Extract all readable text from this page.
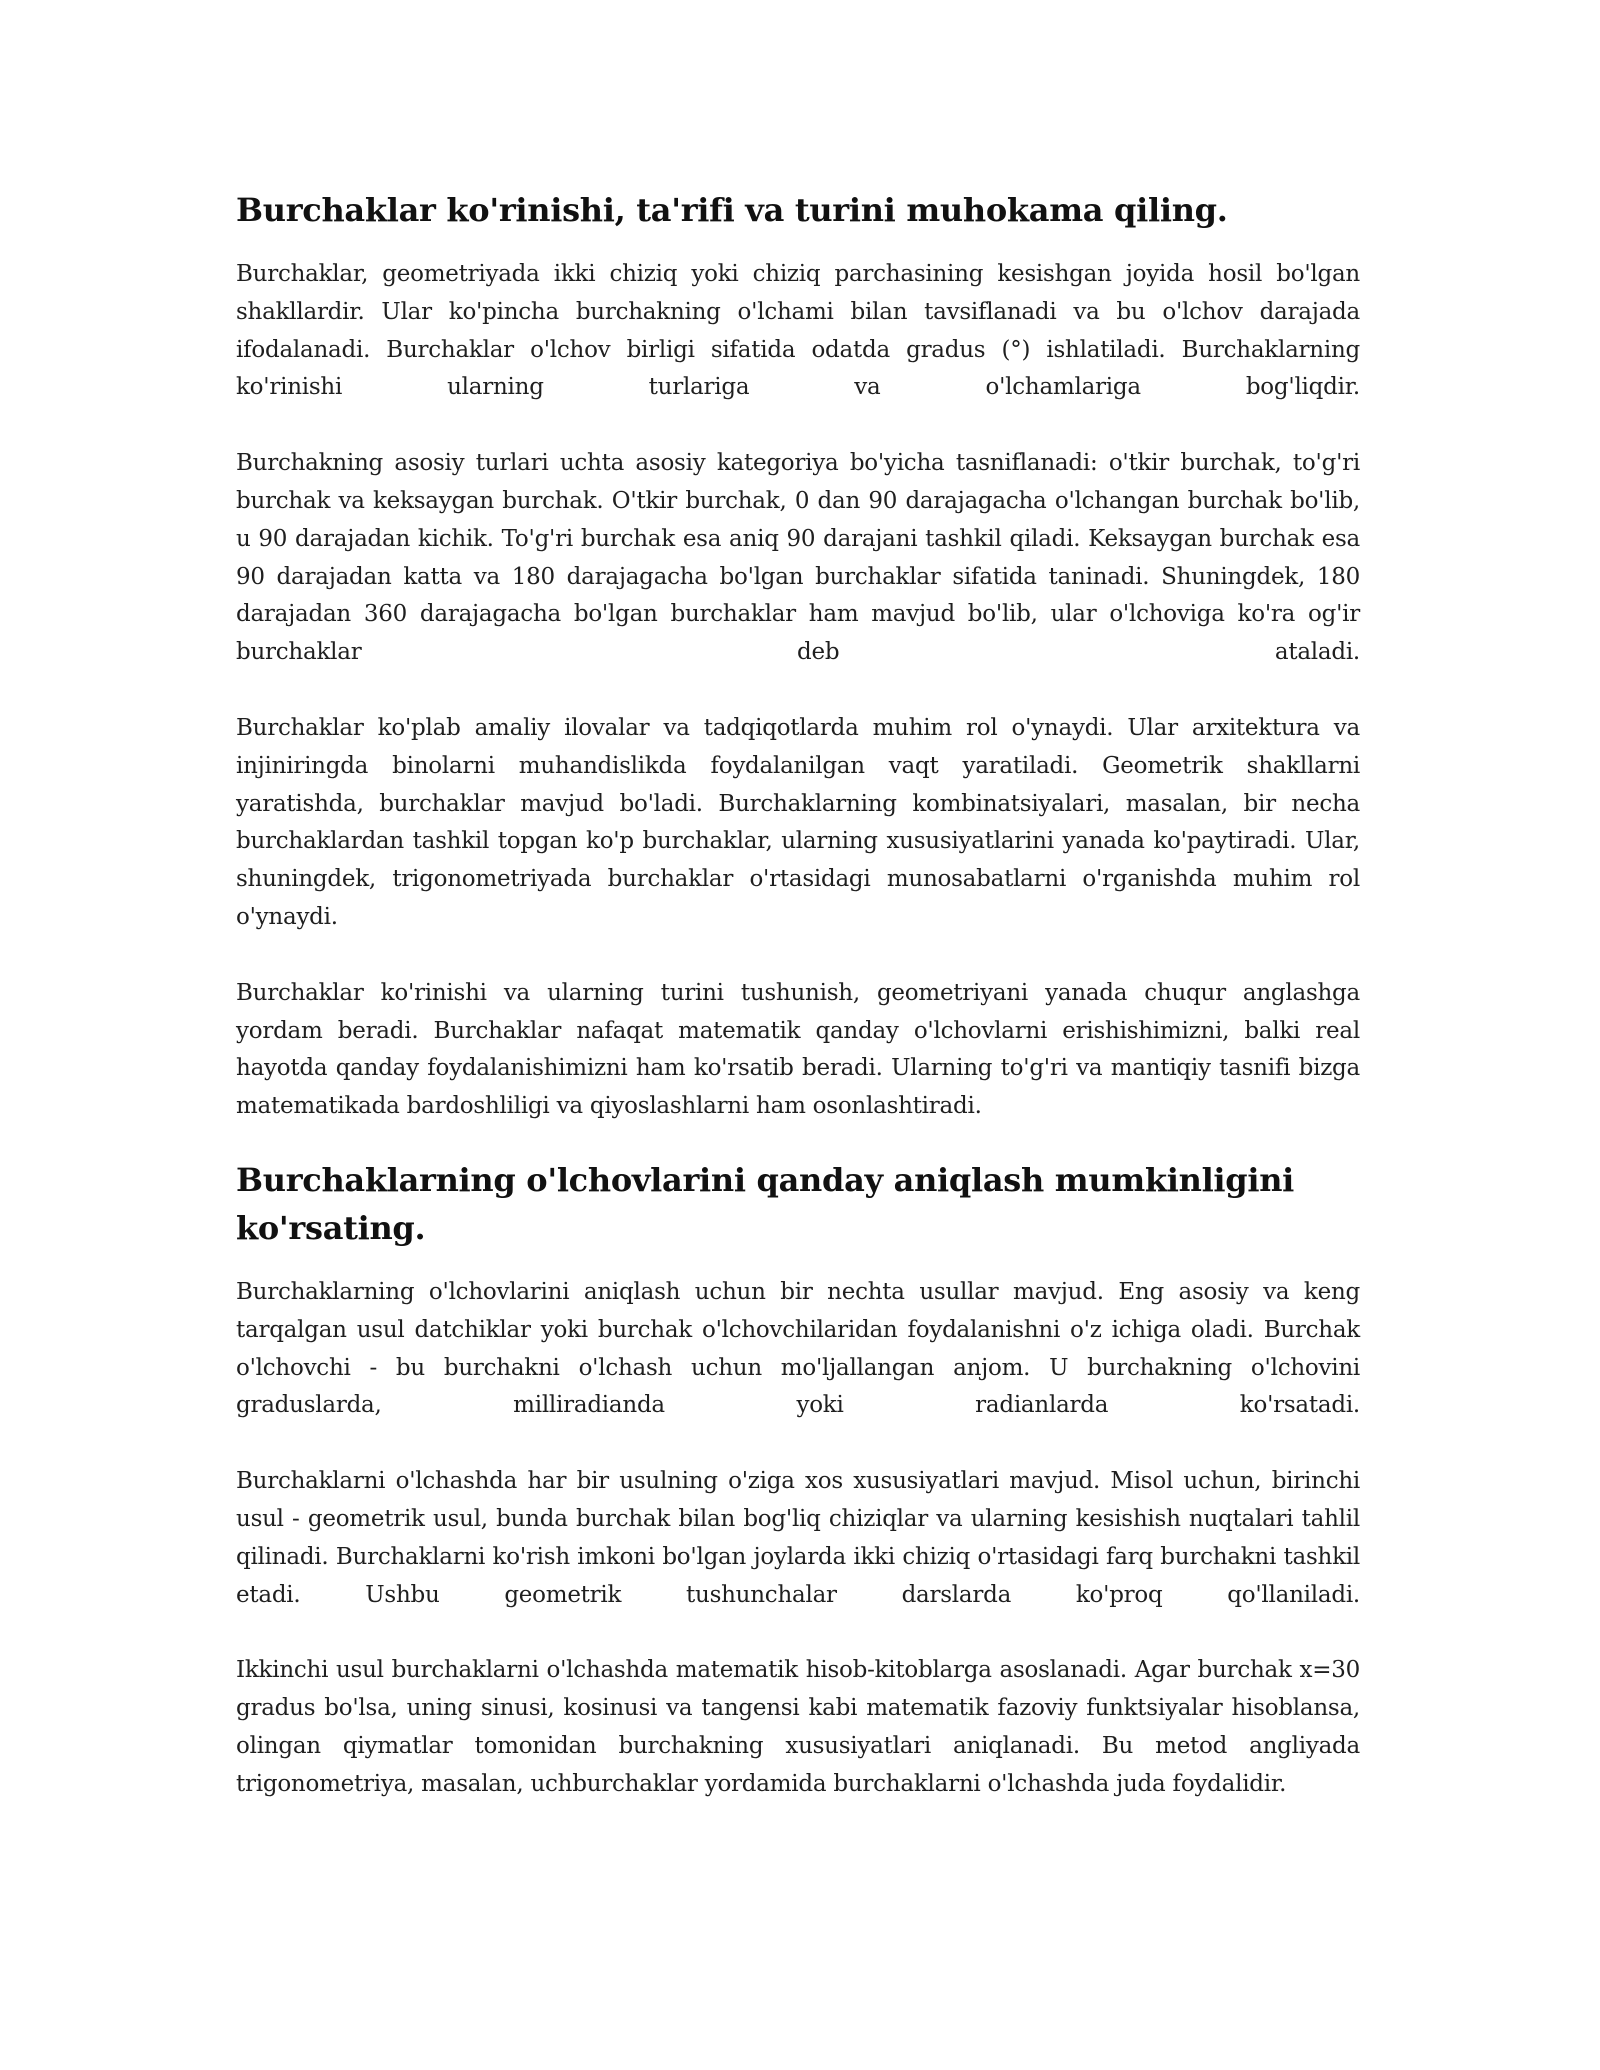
Burchaklar ko'rinishi, ta'rifi va turini muhokama qiling.

Burchaklar, geometriyada ikki chiziq yoki chiziq parchasining kesishgan joyida hosil bo'lgan shakllardir. Ular ko'pincha burchakning o'lchami bilan tavsiflanadi va bu o'lchov darajada ifodalanadi. Burchaklar o'lchov birligi sifatida odatda gradus (°) ishlatiladi. Burchaklarning ko'rinishi ularning turlariga va o'lchamlariga bog'liqdir.

Burchakning asosiy turlari uchta asosiy kategoriya bo'yicha tasniflanadi: o'tkir burchak, to'g'ri burchak va keksaygan burchak. O'tkir burchak, 0 dan 90 darajagacha o'lchangan burchak bo'lib, u 90 darajadan kichik. To'g'ri burchak esa aniq 90 darajani tashkil qiladi. Keksaygan burchak esa 90 darajadan katta va 180 darajagacha bo'lgan burchaklar sifatida taninadi. Shuningdek, 180 darajadan 360 darajagacha bo'lgan burchaklar ham mavjud bo'lib, ular o'lchoviga ko'ra og'ir burchaklar deb ataladi.

Burchaklar ko'plab amaliy ilovalar va tadqiqotlarda muhim rol o'ynaydi. Ular arxitektura va injiniringda binolarni muhandislikda foydalanilgan vaqt yaratiladi. Geometrik shakllarni yaratishda, burchaklar mavjud bo'ladi. Burchaklarning kombinatsiyalari, masalan, bir necha burchaklardan tashkil topgan ko'p burchaklar, ularning xususiyatlarini yanada ko'paytiradi. Ular, shuningdek, trigonometriyada burchaklar o'rtasidagi munosabatlarni o'rganishda muhim rol o'ynaydi.

Burchaklar ko'rinishi va ularning turini tushunish, geometriyani yanada chuqur anglashga yordam beradi. Burchaklar nafaqat matematik qanday o'lchovlarni erishishimizni, balki real hayotda qanday foydalanishimizni ham ko'rsatib beradi. Ularning to'g'ri va mantiqiy tasnifi bizga matematikada bardoshliligi va qiyoslashlarni ham osonlashtiradi.

Burchaklarning o'lchovlarini qanday aniqlash mumkinligini ko'rsating.

Burchaklarning o'lchovlarini aniqlash uchun bir nechta usullar mavjud. Eng asosiy va keng tarqalgan usul datchiklar yoki burchak o'lchovchilaridan foydalanishni o'z ichiga oladi. Burchak o'lchovchi - bu burchakni o'lchash uchun mo'ljallangan anjom. U burchakning o'lchovini graduslarda, milliradianda yoki radianlarda ko'rsatadi.

Burchaklarni o'lchashda har bir usulning o'ziga xos xususiyatlari mavjud. Misol uchun, birinchi usul - geometrik usul, bunda burchak bilan bog'liq chiziqlar va ularning kesishish nuqtalari tahlil qilinadi. Burchaklarni ko'rish imkoni bo'lgan joylarda ikki chiziq o'rtasidagi farq burchakni tashkil etadi. Ushbu geometrik tushunchalar darslarda ko'proq qo'llaniladi.

Ikkinchi usul burchaklarni o'lchashda matematik hisob-kitoblarga asoslanadi. Agar burchak x=30 gradus bo'lsa, uning sinusi, kosinusi va tangensi kabi matematik fazoviy funktsiyalar hisoblansa, olingan qiymatlar tomonidan burchakning xususiyatlari aniqlanadi. Bu metod angliyada trigonometriya, masalan, uchburchaklar yordamida burchaklarni o'lchashda juda foydalidir.
